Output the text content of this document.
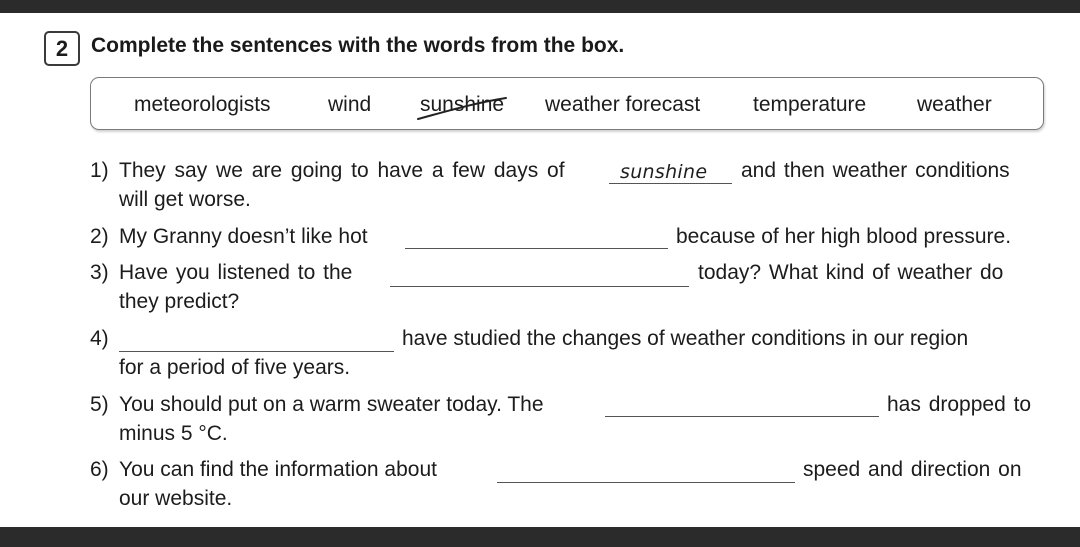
2	Complete the sentences with the words from the box.
meteorologists	wind sunshine weather forecast	temperature weather
1) They say we are going to have a few days of	sunshine and then weather conditions
will get worse.
2) My Granny doesn’t like hot	because of her high blood pressure.
3) Have you listened to the	today? What kind of weather do
they predict?
4)	have studied the changes of weather conditions in our region
for a period of five years.
5) You should put on a warm sweater today. The	has dropped to
minus 5 °C.
6) You can find the information about	speed and direction on
our website.
